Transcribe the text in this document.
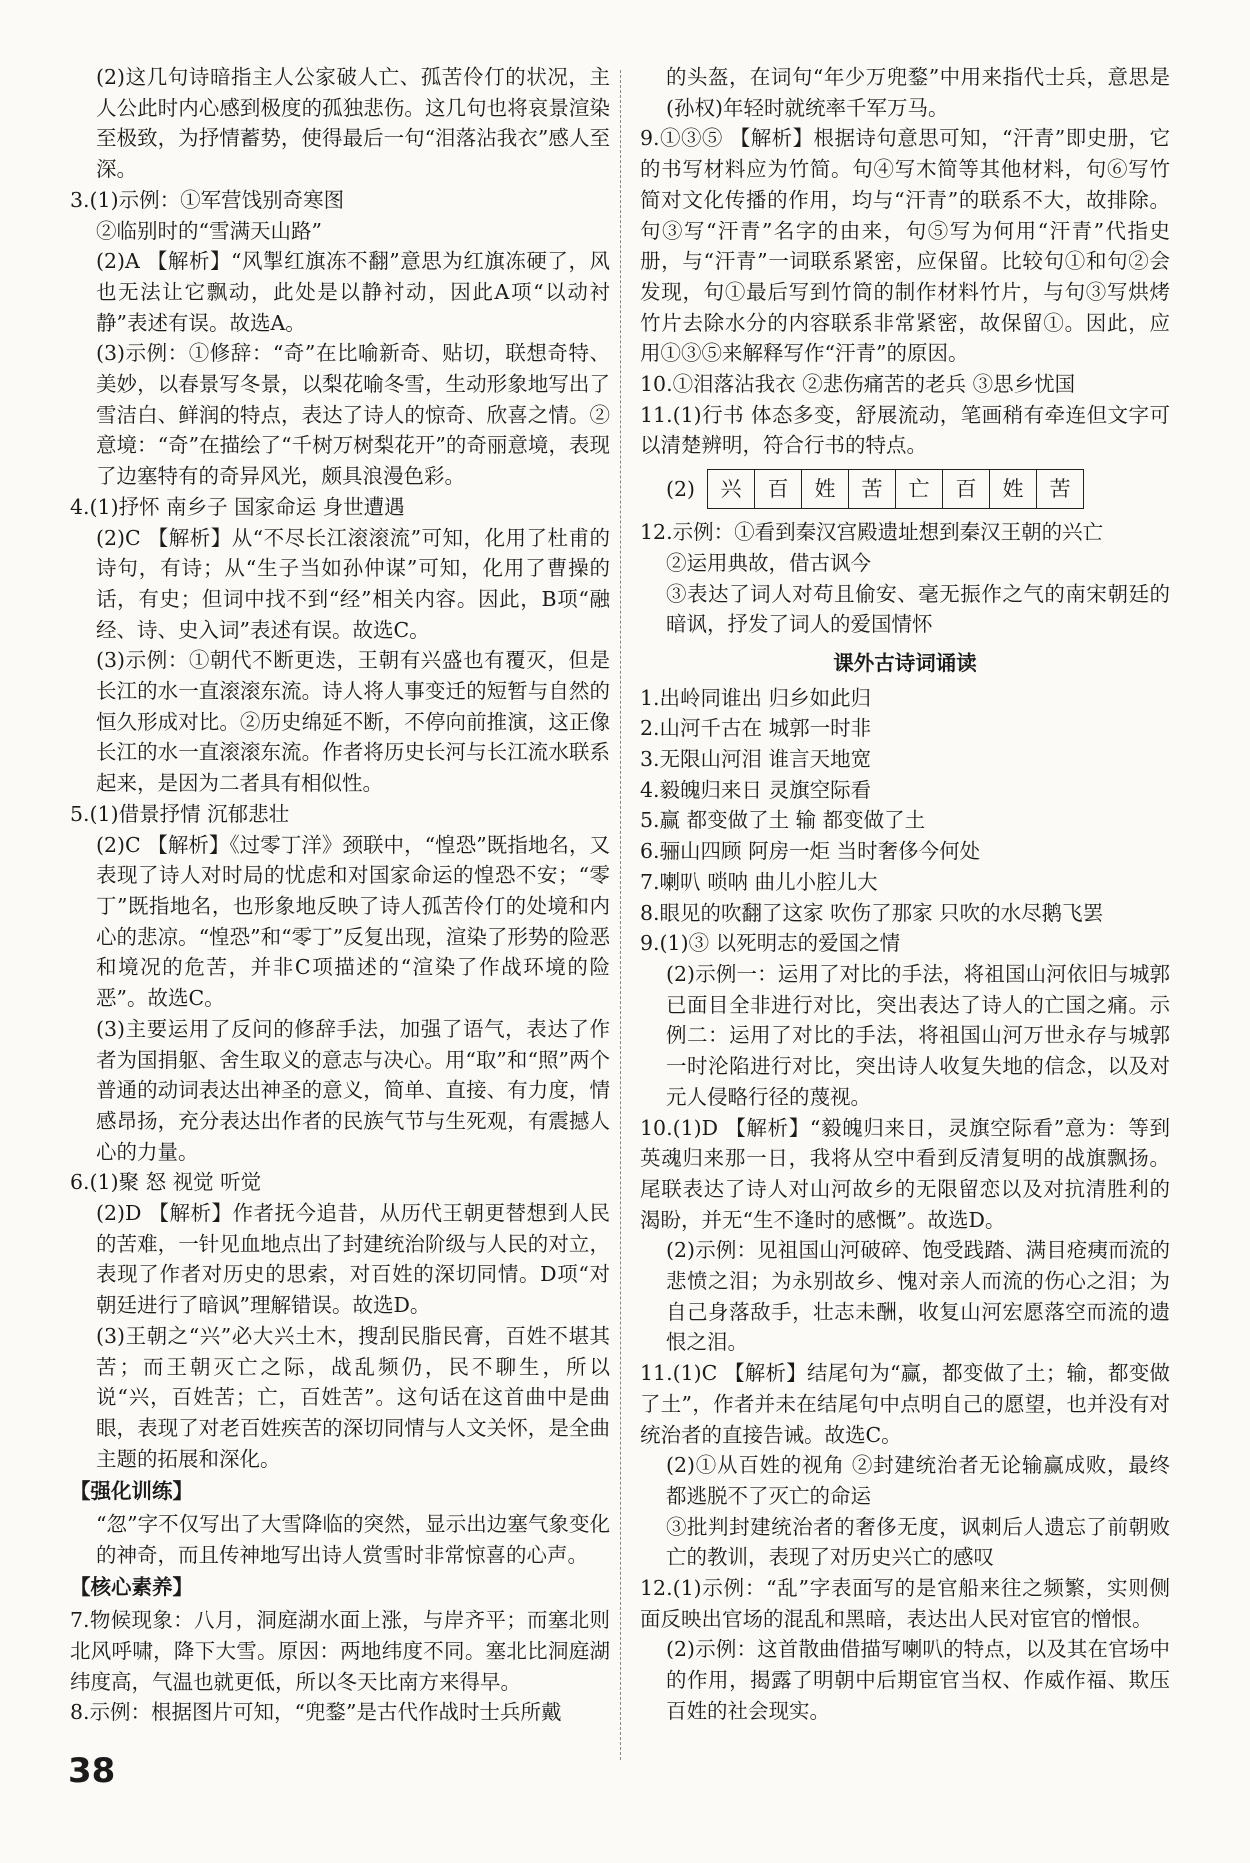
(2)这几句诗暗指主人公家破人亡、孤苦伶仃的状况，主人公此时内心感到极度的孤独悲伤。这几句也将哀景渲染至极致，为抒情蓄势，使得最后一句“泪落沾我衣”感人至深。

3.(1)示例：①军营饯别奇寒图

②临别时的“雪满天山路”

(2)A 【解析】“风掣红旗冻不翻”意思为红旗冻硬了，风也无法让它飘动，此处是以静衬动，因此A项“以动衬静”表述有误。故选A。

(3)示例：①修辞：“奇”在比喻新奇、贴切，联想奇特、美妙，以春景写冬景，以梨花喻冬雪，生动形象地写出了雪洁白、鲜润的特点，表达了诗人的惊奇、欣喜之情。②意境：“奇”在描绘了“千树万树梨花开”的奇丽意境，表现了边塞特有的奇异风光，颇具浪漫色彩。

4.(1)抒怀 南乡子 国家命运 身世遭遇

(2)C 【解析】从“不尽长江滚滚流”可知，化用了杜甫的诗句，有诗；从“生子当如孙仲谋”可知，化用了曹操的话，有史；但词中找不到“经”相关内容。因此，B项“融经、诗、史入词”表述有误。故选C。

(3)示例：①朝代不断更迭，王朝有兴盛也有覆灭，但是长江的水一直滚滚东流。诗人将人事变迁的短暂与自然的恒久形成对比。②历史绵延不断，不停向前推演，这正像长江的水一直滚滚东流。作者将历史长河与长江流水联系起来，是因为二者具有相似性。

5.(1)借景抒情 沉郁悲壮

(2)C 【解析】《过零丁洋》颈联中，“惶恐”既指地名，又表现了诗人对时局的忧虑和对国家命运的惶恐不安；“零丁”既指地名，也形象地反映了诗人孤苦伶仃的处境和内心的悲凉。“惶恐”和“零丁”反复出现，渲染了形势的险恶和境况的危苦，并非C项描述的“渲染了作战环境的险恶”。故选C。

(3)主要运用了反问的修辞手法，加强了语气，表达了作者为国捐躯、舍生取义的意志与决心。用“取”和“照”两个普通的动词表达出神圣的意义，简单、直接、有力度，情感昂扬，充分表达出作者的民族气节与生死观，有震撼人心的力量。

6.(1)聚 怒 视觉 听觉

(2)D 【解析】作者抚今追昔，从历代王朝更替想到人民的苦难，一针见血地点出了封建统治阶级与人民的对立，表现了作者对历史的思索，对百姓的深切同情。D项“对朝廷进行了暗讽”理解错误。故选D。

(3)王朝之“兴”必大兴土木，搜刮民脂民膏，百姓不堪其苦；而王朝灭亡之际，战乱频仍，民不聊生，所以说“兴，百姓苦；亡，百姓苦”。这句话在这首曲中是曲眼，表现了对老百姓疾苦的深切同情与人文关怀，是全曲主题的拓展和深化。

【强化训练】

“忽”字不仅写出了大雪降临的突然，显示出边塞气象变化的神奇，而且传神地写出诗人赏雪时非常惊喜的心声。

【核心素养】

7.物候现象：八月，洞庭湖水面上涨，与岸齐平；而塞北则北风呼啸，降下大雪。原因：两地纬度不同。塞北比洞庭湖纬度高，气温也就更低，所以冬天比南方来得早。

8.示例：根据图片可知，“兜鍪”是古代作战时士兵所戴

的头盔，在词句“年少万兜鍪”中用来指代士兵，意思是(孙权)年轻时就统率千军万马。

9.①③⑤ 【解析】根据诗句意思可知，“汗青”即史册，它的书写材料应为竹简。句④写木简等其他材料，句⑥写竹简对文化传播的作用，均与“汗青”的联系不大，故排除。句③写“汗青”名字的由来，句⑤写为何用“汗青”代指史册，与“汗青”一词联系紧密，应保留。比较句①和句②会发现，句①最后写到竹筒的制作材料竹片，与句③写烘烤竹片去除水分的内容联系非常紧密，故保留①。因此，应用①③⑤来解释写作“汗青”的原因。

10.①泪落沾我衣 ②悲伤痛苦的老兵 ③思乡忧国

11.(1)行书 体态多变，舒展流动，笔画稍有牵连但文字可以清楚辨明，符合行书的特点。

(2)	兴	百	姓	苦	亡	百	姓	苦

12.示例：①看到秦汉宫殿遗址想到秦汉王朝的兴亡

②运用典故，借古讽今

③表达了词人对苟且偷安、毫无振作之气的南宋朝廷的暗讽，抒发了词人的爱国情怀

课外古诗词诵读

1.出岭同谁出 归乡如此归

2.山河千古在 城郭一时非

3.无限山河泪 谁言天地宽

4.毅魄归来日 灵旗空际看

5.赢 都变做了土 输 都变做了土

6.骊山四顾 阿房一炬 当时奢侈今何处

7.喇叭 唢呐 曲儿小腔儿大

8.眼见的吹翻了这家 吹伤了那家 只吹的水尽鹅飞罢

9.(1)③ 以死明志的爱国之情

(2)示例一：运用了对比的手法，将祖国山河依旧与城郭已面目全非进行对比，突出表达了诗人的亡国之痛。示例二：运用了对比的手法，将祖国山河万世永存与城郭一时沦陷进行对比，突出诗人收复失地的信念，以及对元人侵略行径的蔑视。

10.(1)D 【解析】“毅魄归来日，灵旗空际看”意为：等到英魂归来那一日，我将从空中看到反清复明的战旗飘扬。尾联表达了诗人对山河故乡的无限留恋以及对抗清胜利的渴盼，并无“生不逢时的感慨”。故选D。

(2)示例：见祖国山河破碎、饱受践踏、满目疮痍而流的悲愤之泪；为永别故乡、愧对亲人而流的伤心之泪；为自己身落敌手，壮志未酬，收复山河宏愿落空而流的遗恨之泪。

11.(1)C 【解析】结尾句为“赢，都变做了土；输，都变做了土”，作者并未在结尾句中点明自己的愿望，也并没有对统治者的直接告诫。故选C。

(2)①从百姓的视角 ②封建统治者无论输赢成败，最终都逃脱不了灭亡的命运

③批判封建统治者的奢侈无度，讽刺后人遗忘了前朝败亡的教训，表现了对历史兴亡的感叹

12.(1)示例：“乱”字表面写的是官船来往之频繁，实则侧面反映出官场的混乱和黑暗，表达出人民对宦官的憎恨。

(2)示例：这首散曲借描写喇叭的特点，以及其在官场中的作用，揭露了明朝中后期宦官当权、作威作福、欺压百姓的社会现实。

38
